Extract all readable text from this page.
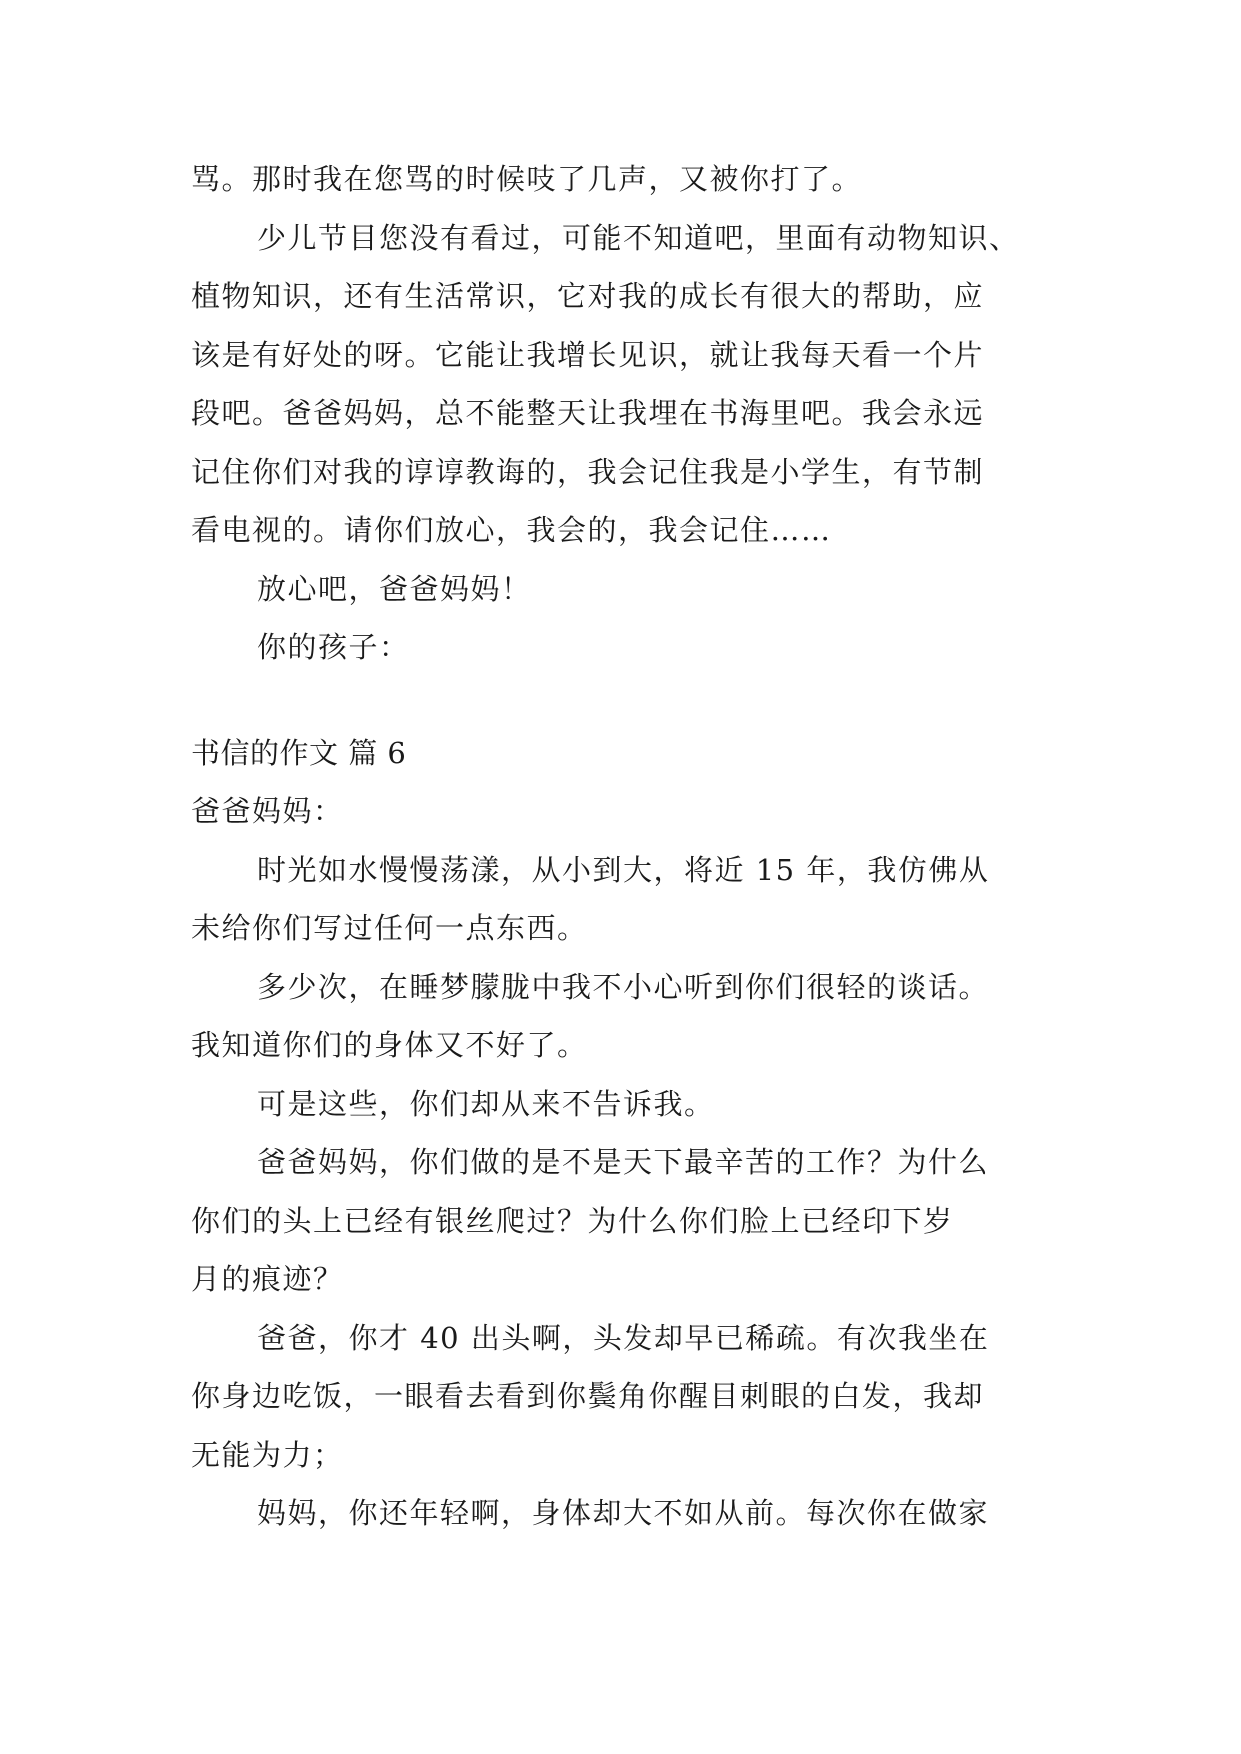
骂。那时我在您骂的时候吱了几声，又被你打了。
少儿节目您没有看过，可能不知道吧，里面有动物知识、
植物知识，还有生活常识，它对我的成长有很大的帮助，应
该是有好处的呀。它能让我增长见识，就让我每天看一个片
段吧。爸爸妈妈，总不能整天让我埋在书海里吧。我会永远
记住你们对我的谆谆教诲的，我会记住我是小学生，有节制
看电视的。请你们放心，我会的，我会记住……
放心吧，爸爸妈妈！
你的孩子：
书信的作文 篇 6
爸爸妈妈：
时光如水慢慢荡漾，从小到大，将近 15 年，我仿佛从
未给你们写过任何一点东西。
多少次，在睡梦朦胧中我不小心听到你们很轻的谈话。
我知道你们的身体又不好了。
可是这些，你们却从来不告诉我。
爸爸妈妈，你们做的是不是天下最辛苦的工作？为什么
你们的头上已经有银丝爬过？为什么你们脸上已经印下岁
月的痕迹？
爸爸，你才 40 出头啊，头发却早已稀疏。有次我坐在
你身边吃饭，一眼看去看到你鬓角你醒目刺眼的白发，我却
无能为力；
妈妈，你还年轻啊，身体却大不如从前。每次你在做家
